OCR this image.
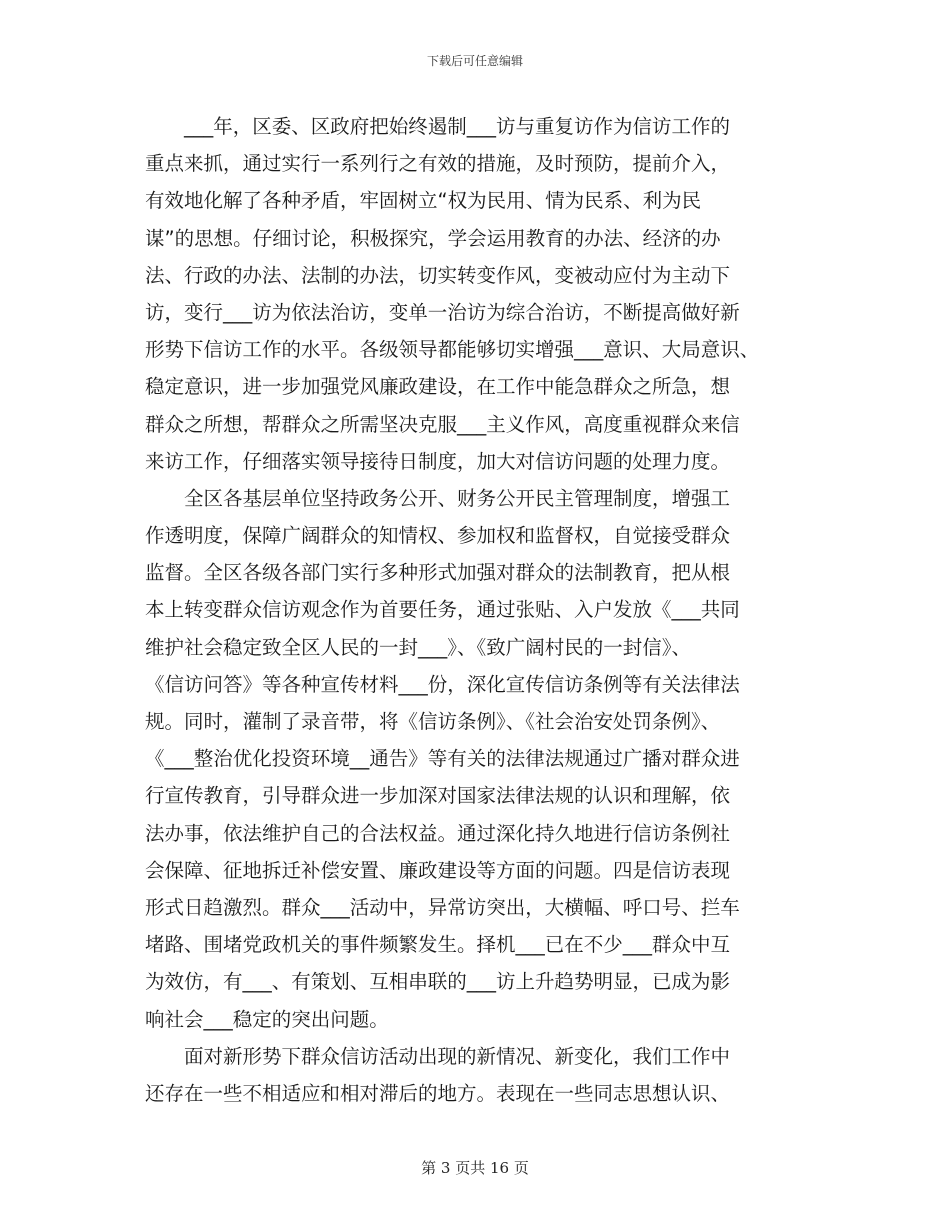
下载后可任意编辑
　　___年，区委、区政府把始终遏制___访与重复访作为信访工作的
重点来抓，通过实行一系列行之有效的措施，及时预防，提前介入，
有效地化解了各种矛盾，牢固树立“权为民用、情为民系、利为民
谋”的思想。仔细讨论，积极探究，学会运用教育的办法、经济的办
法、行政的办法、法制的办法，切实转变作风，变被动应付为主动下
访，变行___访为依法治访，变单一治访为综合治访，不断提高做好新
形势下信访工作的水平。各级领导都能够切实增强___意识、大局意识、
稳定意识，进一步加强党风廉政建设，在工作中能急群众之所急，想
群众之所想，帮群众之所需坚决克服___主义作风，高度重视群众来信
来访工作，仔细落实领导接待日制度，加大对信访问题的处理力度。
　　全区各基层单位坚持政务公开、财务公开民主管理制度，增强工
作透明度，保障广阔群众的知情权、参加权和监督权，自觉接受群众
监督。全区各级各部门实行多种形式加强对群众的法制教育，把从根
本上转变群众信访观念作为首要任务，通过张贴、入户发放《___共同
维护社会稳定致全区人民的一封___》、《致广阔村民的一封信》、
《信访问答》等各种宣传材料___份，深化宣传信访条例等有关法律法
规。同时，灌制了录音带，将《信访条例》、《社会治安处罚条例》、
《___整治优化投资环境__通告》等有关的法律法规通过广播对群众进
行宣传教育，引导群众进一步加深对国家法律法规的认识和理解，依
法办事，依法维护自己的合法权益。通过深化持久地进行信访条例社
会保障、征地拆迁补偿安置、廉政建设等方面的问题。四是信访表现
形式日趋激烈。群众___活动中，异常访突出，大横幅、呼口号、拦车
堵路、围堵党政机关的事件频繁发生。择机___已在不少___群众中互
为效仿，有___、有策划、互相串联的___访上升趋势明显，已成为影
响社会___稳定的突出问题。
　　面对新形势下群众信访活动出现的新情况、新变化，我们工作中
还存在一些不相适应和相对滞后的地方。表现在一些同志思想认识、
第 3 页共 16 页
